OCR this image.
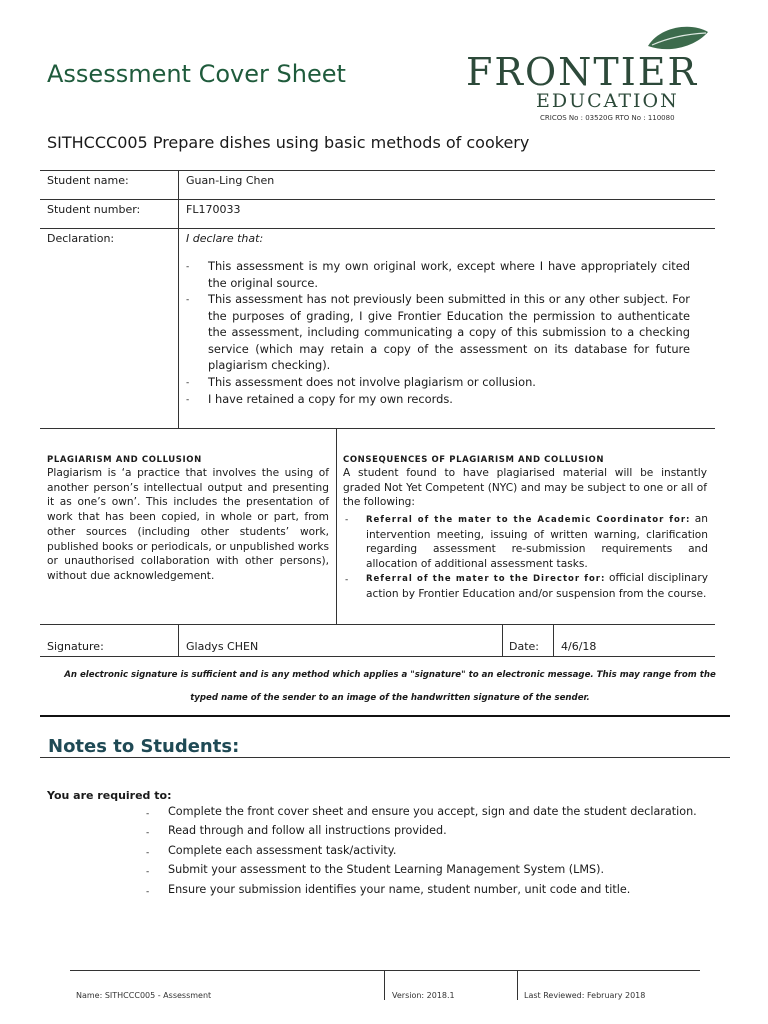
Assessment Cover Sheet	FRONTIER
EDUCATION
CRICOS No : 03520G RTO No : 110080
SITHCCC005 Prepare dishes using basic methods of cookery
Student name:	Guan-Ling Chen
Student number:	FL170033
Declaration:	I declare that:
- This assessment is my own original work, except where I have appropriately cited the original source.
- This assessment has not previously been submitted in this or any other subject. For the purposes of grading, I give Frontier Education the permission to authenticate the assessment, including communicating a copy of this submission to a checking service (which may retain a copy of the assessment on its database for future plagiarism checking).
- This assessment does not involve plagiarism or collusion.
- I have retained a copy for my own records.
PLAGIARISM AND COLLUSION
Plagiarism is ‘a practice that involves the using of another person’s intellectual output and presenting it as one’s own’. This includes the presentation of work that has been copied, in whole or part, from other sources (including other students’ work, published books or periodicals, or unpublished works or unauthorised collaboration with other persons), without due acknowledgement.
CONSEQUENCES OF PLAGIARISM AND COLLUSION
A student found to have plagiarised material will be instantly graded Not Yet Competent (NYC) and may be subject to one or all of the following:
- Referral of the mater to the Academic Coordinator for: an intervention meeting, issuing of written warning, clarification regarding assessment re-submission requirements and allocation of additional assessment tasks.
- Referral of the mater to the Director for: official disciplinary action by Frontier Education and/or suspension from the course.
Signature:	Gladys CHEN	Date: 4/6/18
An electronic signature is sufficient and is any method which applies a "signature" to an electronic message. This may range from the
typed name of the sender to an image of the handwritten signature of the sender.
Notes to Students:
You are required to:
- Complete the front cover sheet and ensure you accept, sign and date the student declaration.
- Read through and follow all instructions provided.
- Complete each assessment task/activity.
- Submit your assessment to the Student Learning Management System (LMS).
- Ensure your submission identifies your name, student number, unit code and title.
Name: SITHCCC005 - Assessment	Version: 2018.1	Last Reviewed: February 2018
